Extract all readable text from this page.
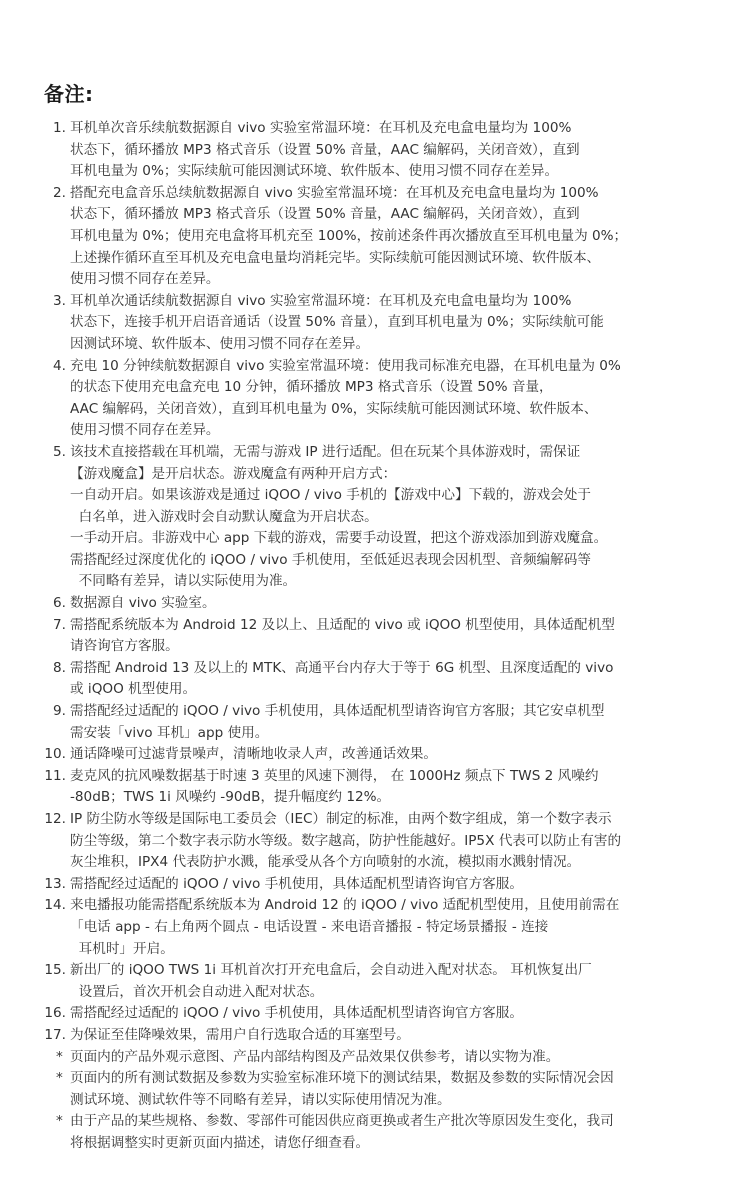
备注:
1. 耳机单次音乐续航数据源自 vivo 实验室常温环境：在耳机及充电盒电量均为 100%
状态下，循环播放 MP3 格式音乐（设置 50% 音量，AAC 编解码，关闭音效），直到
耳机电量为 0%；实际续航可能因测试环境、软件版本、使用习惯不同存在差异。
2. 搭配充电盒音乐总续航数据源自 vivo 实验室常温环境：在耳机及充电盒电量均为 100%
状态下，循环播放 MP3 格式音乐（设置 50% 音量，AAC 编解码，关闭音效），直到
耳机电量为 0%；使用充电盒将耳机充至 100%，按前述条件再次播放直至耳机电量为 0%；
上述操作循环直至耳机及充电盒电量均消耗完毕。实际续航可能因测试环境、软件版本、
使用习惯不同存在差异。
3. 耳机单次通话续航数据源自 vivo 实验室常温环境：在耳机及充电盒电量均为 100%
状态下，连接手机开启语音通话（设置 50% 音量），直到耳机电量为 0%；实际续航可能
因测试环境、软件版本、使用习惯不同存在差异。
4. 充电 10 分钟续航数据源自 vivo 实验室常温环境：使用我司标准充电器，在耳机电量为 0%
的状态下使用充电盒充电 10 分钟，循环播放 MP3 格式音乐（设置 50% 音量，
AAC 编解码，关闭音效），直到耳机电量为 0%，实际续航可能因测试环境、软件版本、
使用习惯不同存在差异。
5. 该技术直接搭载在耳机端，无需与游戏 IP 进行适配。但在玩某个具体游戏时，需保证
【游戏魔盒】是开启状态。游戏魔盒有两种开启方式：
一自动开启。如果该游戏是通过 iQOO / vivo 手机的【游戏中心】下载的，游戏会处于
白名单，进入游戏时会自动默认魔盒为开启状态。
一手动开启。非游戏中心 app 下载的游戏，需要手动设置，把这个游戏添加到游戏魔盒。
需搭配经过深度优化的 iQOO / vivo 手机使用，至低延迟表现会因机型、音频编解码等
不同略有差异，请以实际使用为准。
6. 数据源自 vivo 实验室。
7. 需搭配系统版本为 Android 12 及以上、且适配的 vivo 或 iQOO 机型使用，具体适配机型
请咨询官方客服。
8. 需搭配 Android 13 及以上的 MTK、高通平台内存大于等于 6G 机型、且深度适配的 vivo
或 iQOO 机型使用。
9. 需搭配经过适配的 iQOO / vivo 手机使用，具体适配机型请咨询官方客服；其它安卓机型
需安装「vivo 耳机」app 使用。
10. 通话降噪可过滤背景噪声，清晰地收录人声，改善通话效果。
11. 麦克风的抗风噪数据基于时速 3 英里的风速下测得， 在 1000Hz 频点下 TWS 2 风噪约
-80dB；TWS 1i 风噪约 -90dB，提升幅度约 12%。
12. IP 防尘防水等级是国际电工委员会（IEC）制定的标准，由两个数字组成，第一个数字表示
防尘等级，第二个数字表示防水等级。数字越高，防护性能越好。IP5X 代表可以防止有害的
灰尘堆积，IPX4 代表防护水溅，能承受从各个方向喷射的水流，模拟雨水溅射情况。
13. 需搭配经过适配的 iQOO / vivo 手机使用，具体适配机型请咨询官方客服。
14. 来电播报功能需搭配系统版本为 Android 12 的 iQOO / vivo 适配机型使用，且使用前需在
「电话 app - 右上角两个圆点 - 电话设置 - 来电语音播报 - 特定场景播报 - 连接
耳机时」开启。
15. 新出厂的 iQOO TWS 1i 耳机首次打开充电盒后，会自动进入配对状态。 耳机恢复出厂
设置后，首次开机会自动进入配对状态。
16. 需搭配经过适配的 iQOO / vivo 手机使用，具体适配机型请咨询官方客服。
17. 为保证至佳降噪效果，需用户自行选取合适的耳塞型号。
* 页面内的产品外观示意图、产品内部结构图及产品效果仅供参考，请以实物为准。
* 页面内的所有测试数据及参数为实验室标准环境下的测试结果，数据及参数的实际情况会因
测试环境、测试软件等不同略有差异，请以实际使用情况为准。
* 由于产品的某些规格、参数、零部件可能因供应商更换或者生产批次等原因发生变化，我司
将根据调整实时更新页面内描述，请您仔细查看。
